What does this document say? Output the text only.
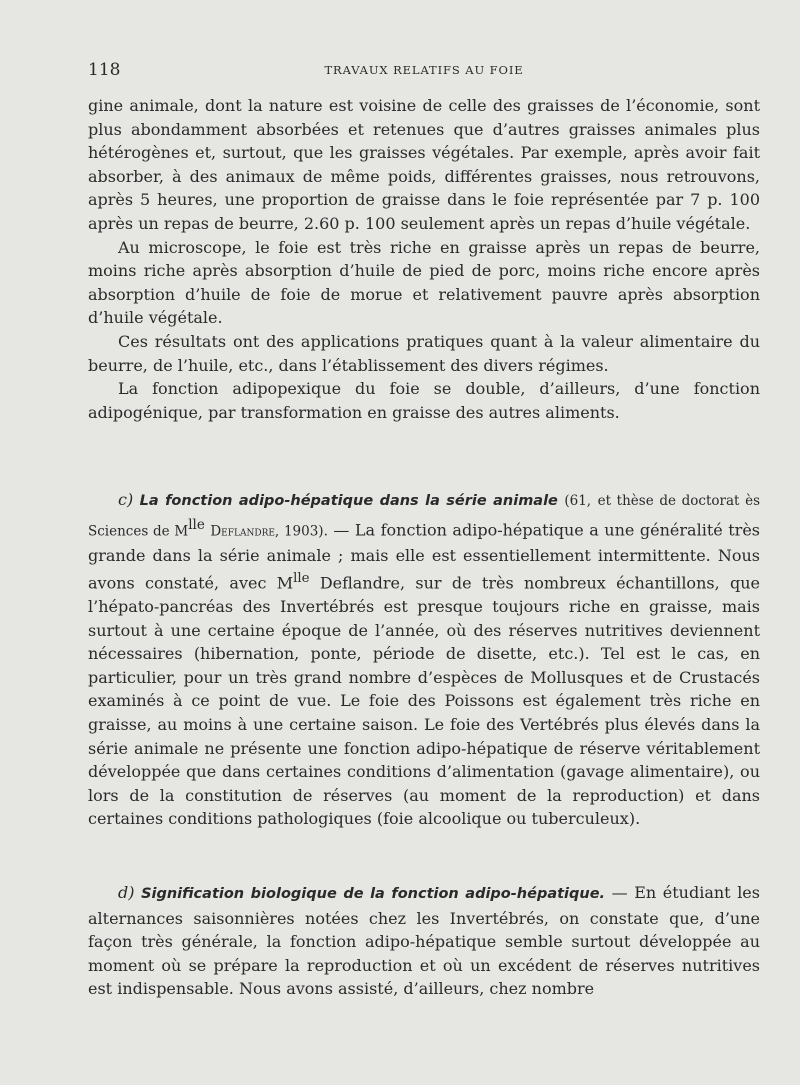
118	TRAVAUX RELATIFS AU FOIE

gine animale, dont la nature est voisine de celle des graisses de l’économie, sont plus abondamment absorbées et retenues que d’autres graisses animales plus hétérogènes et, surtout, que les graisses végétales. Par exemple, après avoir fait absorber, à des animaux de même poids, différentes graisses, nous retrouvons, après 5 heures, une proportion de graisse dans le foie représentée par 7 p. 100 après un repas de beurre, 2.60 p. 100 seulement après un repas d’huile végétale.

Au microscope, le foie est très riche en graisse après un repas de beurre, moins riche après absorption d’huile de pied de porc, moins riche encore après absorption d’huile de foie de morue et relativement pauvre après absorption d’huile végétale.

Ces résultats ont des applications pratiques quant à la valeur alimentaire du beurre, de l’huile, etc., dans l’établissement des divers régimes.

La fonction adipopexique du foie se double, d’ailleurs, d’une fonction adipogénique, par transformation en graisse des autres aliments.

c) La fonction adipo-hépatique dans la série animale (61, et thèse de doctorat ès Sciences de $M^{lle}$ Deflandre, 1903). — La fonction adipo-hépatique a une généralité très grande dans la série animale ; mais elle est essentiellement intermittente. Nous avons constaté, avec $M^{lle}$ Deflandre, sur de très nombreux échantillons, que l’hépato-pancréas des Invertébrés est presque toujours riche en graisse, mais surtout à une certaine époque de l’année, où des réserves nutritives deviennent nécessaires (hibernation, ponte, période de disette, etc.). Tel est le cas, en particulier, pour un très grand nombre d’espèces de Mollusques et de Crustacés examinés à ce point de vue. Le foie des Poissons est également très riche en graisse, au moins à une certaine saison. Le foie des Vertébrés plus élevés dans la série animale ne présente une fonction adipo-hépatique de réserve véritablement développée que dans certaines conditions d’alimentation (gavage alimentaire), ou lors de la constitution de réserves (au moment de la reproduction) et dans certaines conditions pathologiques (foie alcoolique ou tuberculeux).

d) Signification biologique de la fonction adipo-hépatique. — En étudiant les alternances saisonnières notées chez les Invertébrés, on constate que, d’une façon très générale, la fonction adipo-hépatique semble surtout développée au moment où se prépare la reproduction et où un excédent de réserves nutritives est indispensable. Nous avons assisté, d’ailleurs, chez nombre
